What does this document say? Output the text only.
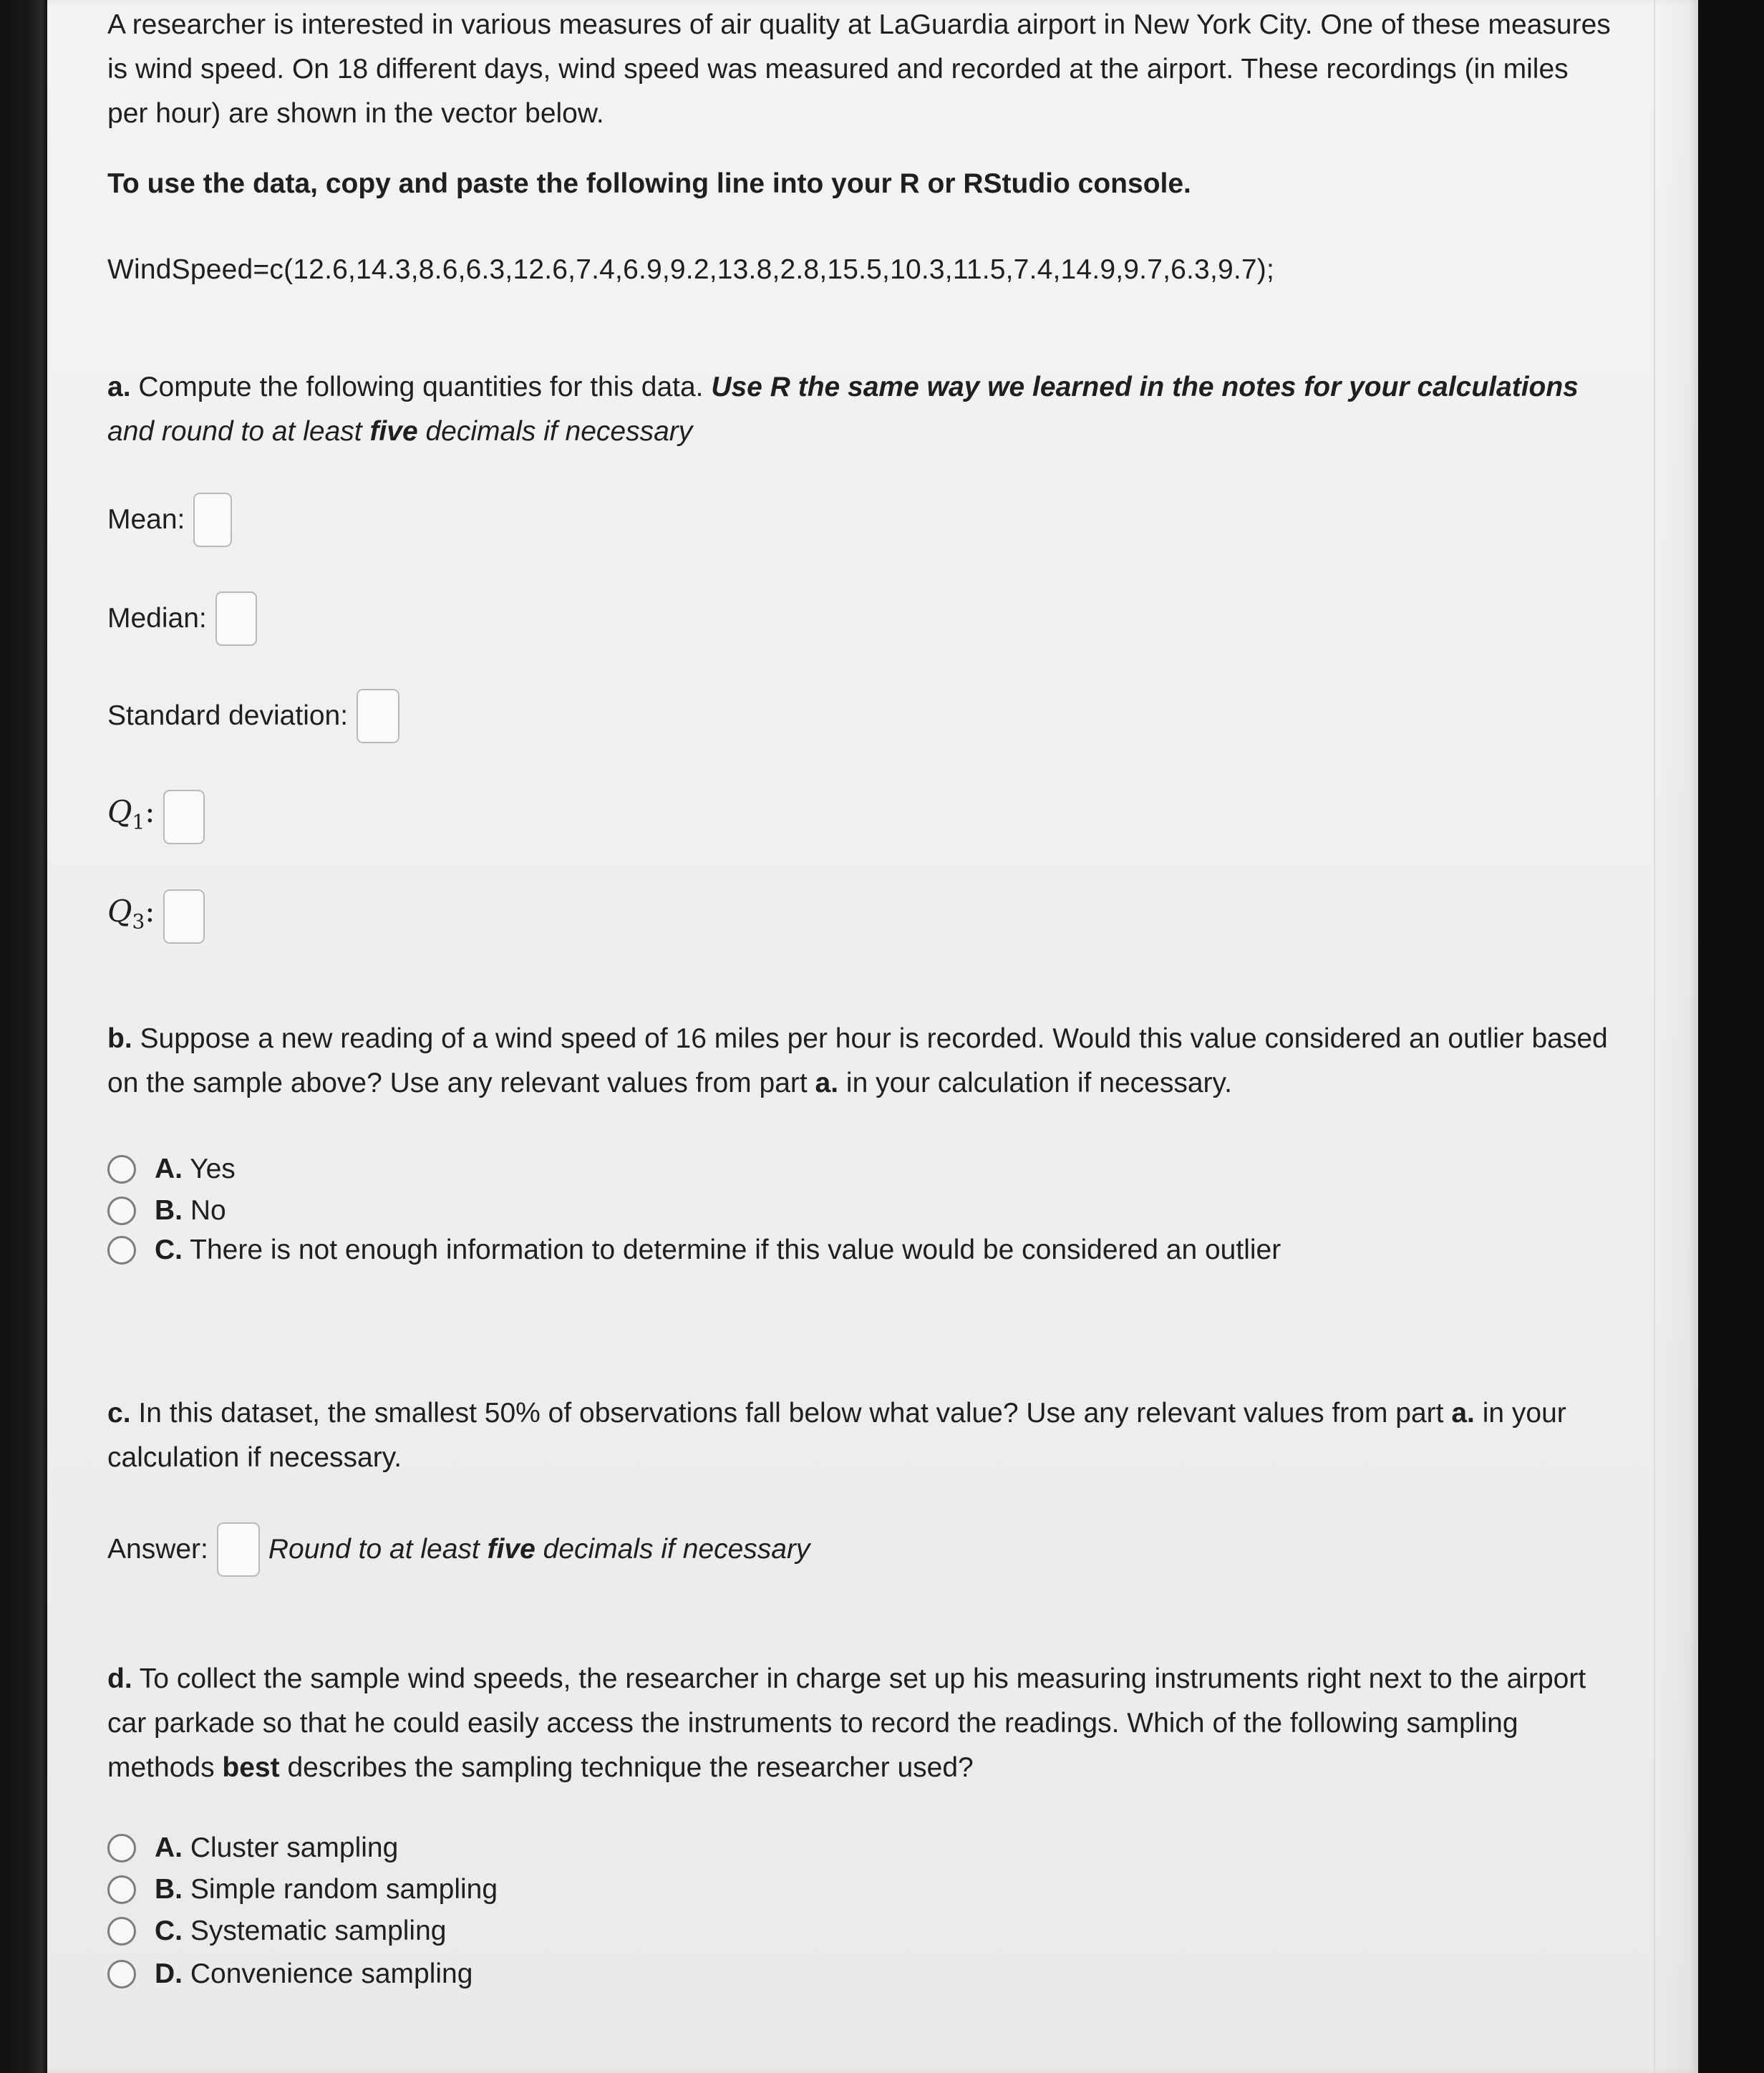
A researcher is interested in various measures of air quality at LaGuardia airport in New York City. One of these measures

is wind speed. On 18 different days, wind speed was measured and recorded at the airport. These recordings (in miles

per hour) are shown in the vector below.

To use the data, copy and paste the following line into your R or RStudio console.

WindSpeed=c(12.6,14.3,8.6,6.3,12.6,7.4,6.9,9.2,13.8,2.8,15.5,10.3,11.5,7.4,14.9,9.7,6.3,9.7);

a. Compute the following quantities for this data. Use R the same way we learned in the notes for your calculations

and round to at least five decimals if necessary

Mean:
Median:
Standard deviation:
$Q_1$:
$Q_3$:

b. Suppose a new reading of a wind speed of 16 miles per hour is recorded. Would this value considered an outlier based

on the sample above? Use any relevant values from part a. in your calculation if necessary.

A. Yes
B. No
C. There is not enough information to determine if this value would be considered an outlier

c. In this dataset, the smallest 50% of observations fall below what value? Use any relevant values from part a. in your

calculation if necessary.

Answer: Round to at least five decimals if necessary

d. To collect the sample wind speeds, the researcher in charge set up his measuring instruments right next to the airport

car parkade so that he could easily access the instruments to record the readings. Which of the following sampling

methods best describes the sampling technique the researcher used?

A. Cluster sampling
B. Simple random sampling
C. Systematic sampling
D. Convenience sampling
